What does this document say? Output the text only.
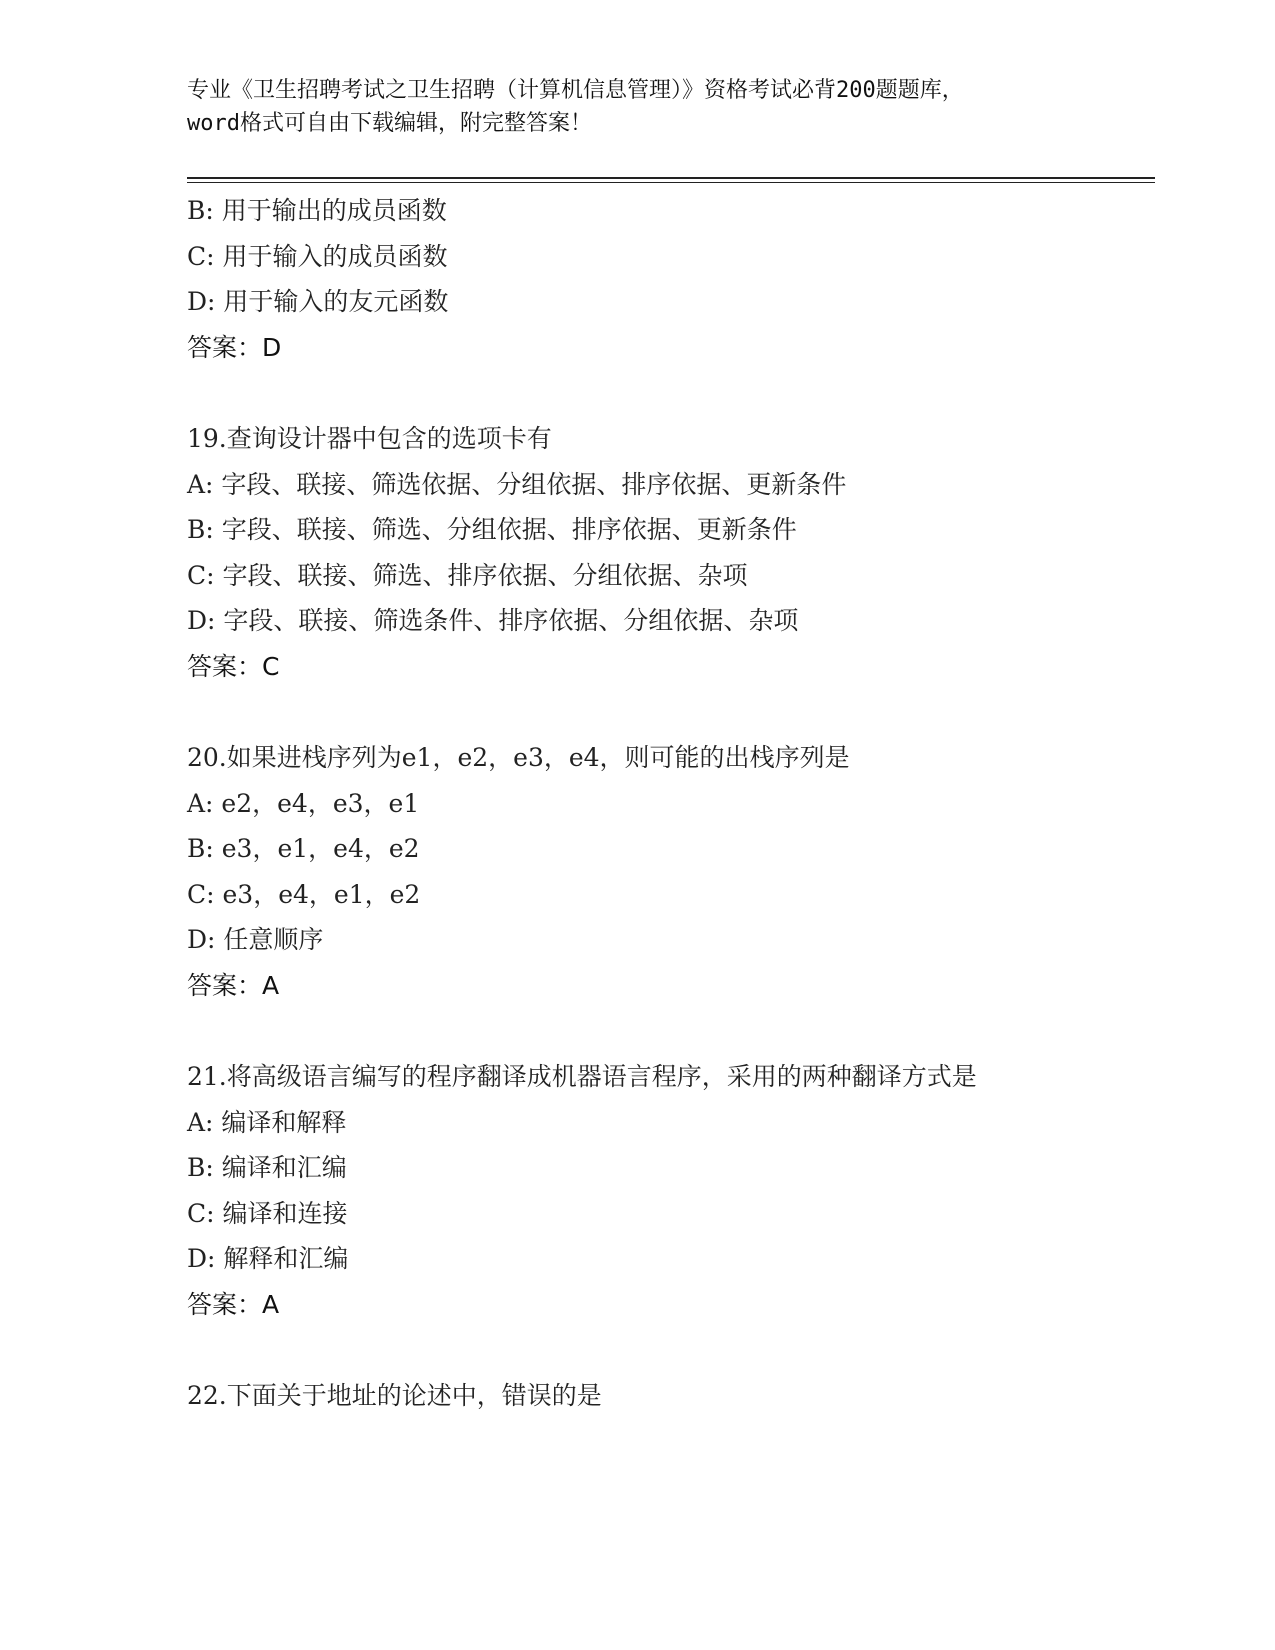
专业《卫生招聘考试之卫生招聘（计算机信息管理）》资格考试必背200题题库，
word格式可自由下载编辑，附完整答案！
B: 用于输出的成员函数
C: 用于输入的成员函数
D: 用于输入的友元函数
答案：D
19.查询设计器中包含的选项卡有
A: 字段、联接、筛选依据、分组依据、排序依据、更新条件
B: 字段、联接、筛选、分组依据、排序依据、更新条件
C: 字段、联接、筛选、排序依据、分组依据、杂项
D: 字段、联接、筛选条件、排序依据、分组依据、杂项
答案：C
20.如果进栈序列为e1，e2，e3，e4，则可能的出栈序列是
A: e2，e4，e3，e1
B: e3，e1，e4，e2
C: e3，e4，e1，e2
D: 任意顺序
答案：A
21.将高级语言编写的程序翻译成机器语言程序，采用的两种翻译方式是
A: 编译和解释
B: 编译和汇编
C: 编译和连接
D: 解释和汇编
答案：A
22.下面关于地址的论述中，错误的是
